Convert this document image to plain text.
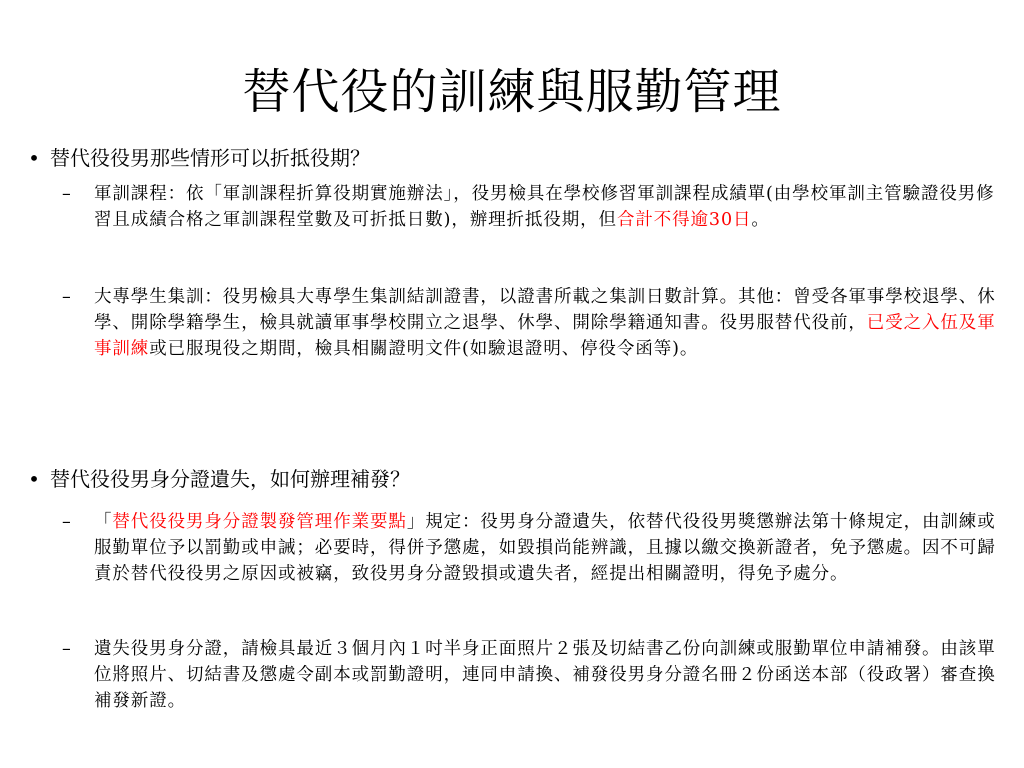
替代役的訓練與服勤管理
• 替代役役男那些情形可以折抵役期？
–	軍訓課程：依「軍訓課程折算役期實施辦法」，役男檢具在學校修習軍訓課程成績單(由學校軍訓主管驗證役男修習且成績合格之軍訓課程堂數及可折抵日數)，辦理折抵役期，但合計不得逾30日。
–	大專學生集訓：役男檢具大專學生集訓結訓證書，以證書所載之集訓日數計算。其他：曾受各軍事學校退學、休學、開除學籍學生，檢具就讀軍事學校開立之退學、休學、開除學籍通知書。役男服替代役前，已受之入伍及軍事訓練或已服現役之期間，檢具相關證明文件(如驗退證明、停役令函等)。
• 替代役役男身分證遺失，如何辦理補發？
–	「替代役役男身分證製發管理作業要點」規定：役男身分證遺失，依替代役役男獎懲辦法第十條規定，由訓練或服勤單位予以罰勤或申誡；必要時，得併予懲處，如毀損尚能辨識，且據以繳交換新證者，免予懲處。因不可歸責於替代役役男之原因或被竊，致役男身分證毀損或遺失者，經提出相關證明，得免予處分。
–	遺失役男身分證，請檢具最近３個月內１吋半身正面照片２張及切結書乙份向訓練或服勤單位申請補發。由該單位將照片、切結書及懲處令副本或罰勤證明，連同申請換、補發役男身分證名冊２份函送本部（役政署）審查換補發新證。
